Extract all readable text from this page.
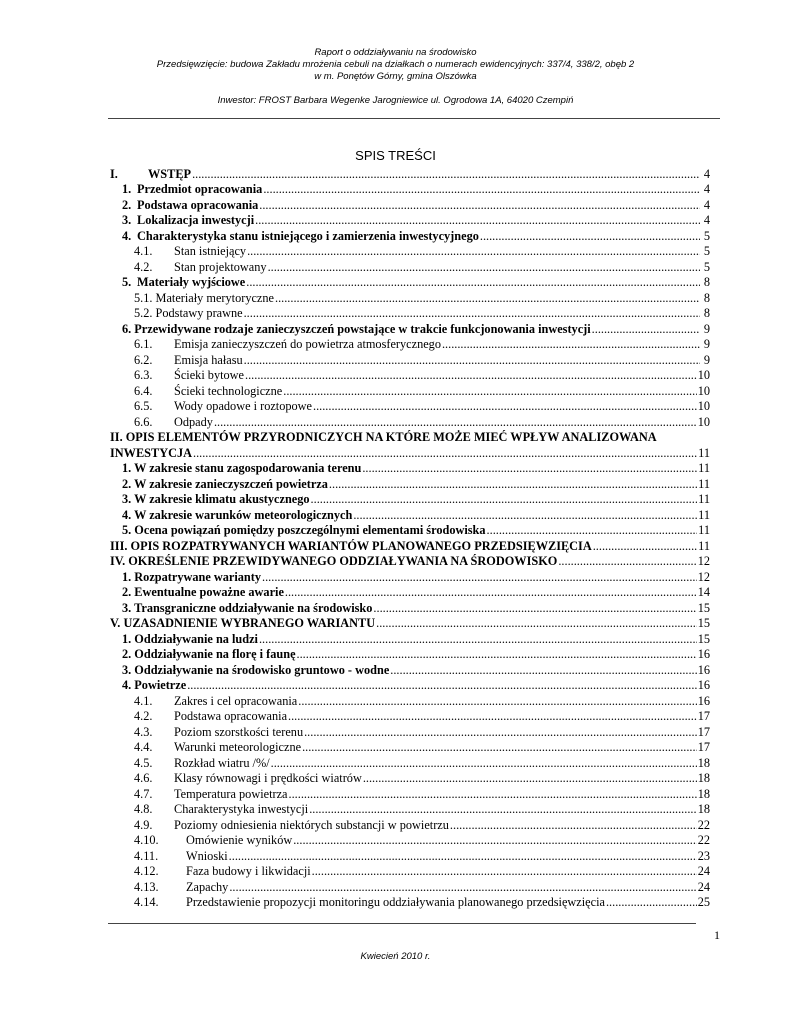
Raport o oddziaływaniu na środowisko
Przedsięwzięcie: budowa Zakładu mrożenia cebuli na działkach o numerach ewidencyjnych: 337/4, 338/2, obęb 2
w m. Ponętów Górny, gmina Olszówka
Inwestor: FROST Barbara Wegenke Jarogniewice ul. Ogrodowa 1A, 64020 Czempiń
SPIS TREŚCI
I.	WSTĘP .....	4
1. Przedmiot opracowania .....	4
2. Podstawa opracowania .....	4
3. Lokalizacja inwestycji .....	4
4. Charakterystyka stanu istniejącego i zamierzenia inwestycyjnego .....	5
4.1.	Stan istniejący .....	5
4.2.	Stan projektowany .....	5
5. Materiały wyjściowe .....	8
5.1. Materiały merytoryczne .....	8
5.2. Podstawy prawne .....	8
6. Przewidywane rodzaje zanieczyszczeń powstające w trakcie funkcjonowania inwestycji .....	9
6.1.	Emisja zanieczyszczeń do powietrza atmosferycznego .....	9
6.2.	Emisja hałasu .....	9
6.3.	Ścieki bytowe .....	10
6.4.	Ścieki technologiczne .....	10
6.5.	Wody opadowe i roztopowe .....	10
6.6.	Odpady .....	10
II. OPIS ELEMENTÓW PRZYRODNICZYCH NA KTÓRE MOŻE MIEĆ WPŁYW ANALIZOWANA
INWESTYCJA .....	11
1. W zakresie stanu zagospodarowania terenu .....	11
2. W zakresie zanieczyszczeń powietrza .....	11
3. W zakresie klimatu akustycznego .....	11
4. W zakresie warunków meteorologicznych .....	11
5. Ocena powiązań pomiędzy poszczególnymi elementami środowiska .....	11
III. OPIS ROZPATRYWANYCH WARIANTÓW PLANOWANEGO PRZEDSIĘWZIĘCIA .....	11
IV. OKREŚLENIE PRZEWIDYWANEGO ODDZIAŁYWANIA NA ŚRODOWISKO .....	12
1. Rozpatrywane warianty .....	12
2. Ewentualne poważne awarie .....	14
3. Transgraniczne oddziaływanie na środowisko .....	15
V. UZASADNIENIE WYBRANEGO WARIANTU .....	15
1. Oddziaływanie na ludzi .....	15
2. Oddziaływanie na florę i faunę .....	16
3. Oddziaływanie na środowisko gruntowo - wodne .....	16
4. Powietrze .....	16
4.1.	Zakres i cel opracowania .....	16
4.2.	Podstawa opracowania .....	17
4.3.	Poziom szorstkości terenu .....	17
4.4.	Warunki meteorologiczne .....	17
4.5.	Rozkład wiatru /%/ .....	18
4.6.	Klasy równowagi i prędkości wiatrów .....	18
4.7.	Temperatura powietrza .....	18
4.8.	Charakterystyka inwestycji .....	18
4.9.	Poziomy odniesienia niektórych substancji w powietrzu .....	22
4.10.	Omówienie wyników .....	22
4.11.	Wnioski .....	23
4.12.	Faza budowy i likwidacji .....	24
4.13.	Zapachy .....	24
4.14.	Przedstawienie propozycji monitoringu oddziaływania planowanego przedsięwzięcia .....	25
1
Kwiecień 2010 r.
